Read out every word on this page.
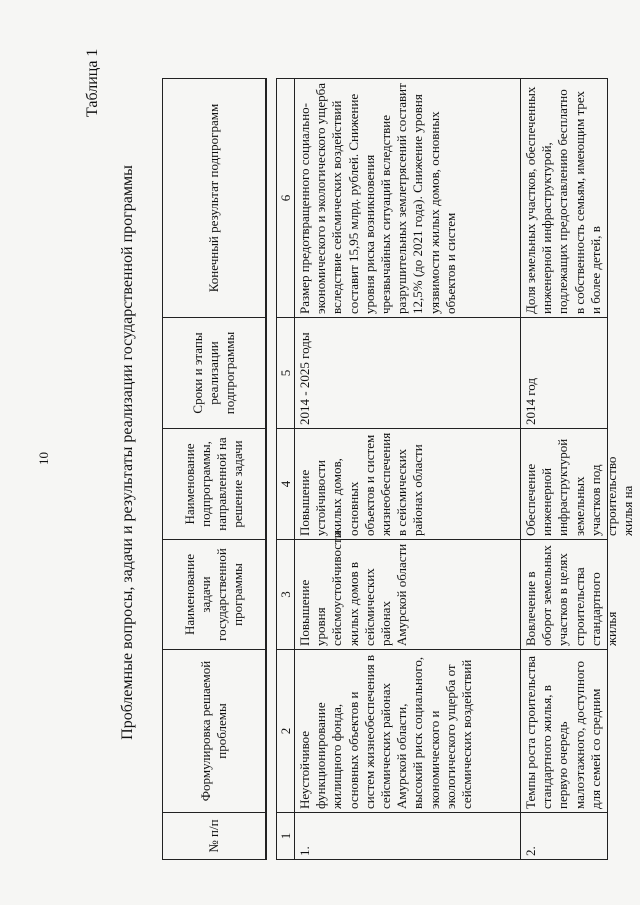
10
Таблица 1
Проблемные вопросы, задачи и результаты реализации государственной программы
№ п/п
Формулировка решаемой проблемы
Наименование задачи государственной программы
Наименование подпрограммы, направленной на решение задачи
Сроки и этапы реализации подпрограммы
Конечный результат подпрограмм
1
2
3
4
5
6
1.
Неустойчивое функционирование жилищного фонда, основных объектов и систем жизнеобеспечения в сейсмических районах Амурской области, высокий риск социального, экономического и экологического ущерба от сейсмических воздействий
Повышение уровня сейсмоустойчивости жилых домов в сейсмических районах Амурской области
Повышение устойчивости жилых домов, основных объектов и систем жизнеобеспечения в сейсмических районах области
2014 - 2025 годы
Размер предотвращенного социально-экономического и экологического ущерба вследствие сейсмических воздействий составит 15,95 млрд. рублей. Снижение уровня риска возникновения чрезвычайных ситуаций вследствие разрушительных землетрясений составит 12,5% (до 2021 года). Снижение уровня уязвимости жилых домов, основных объектов и систем
2.
Темпы роста строительства стандартного жилья, в первую очередь малоэтажного, доступного для семей со средним
Вовлечение в оборот земельных участков в целях строительства стандартного жилья
Обеспечение инженерной инфраструктурой земельных участков под строительство жилья на
2014 год
Доля земельных участков, обеспеченных инженерной инфраструктурой, подлежащих предоставлению бесплатно в собственность семьям, имеющим трех и более детей, в
